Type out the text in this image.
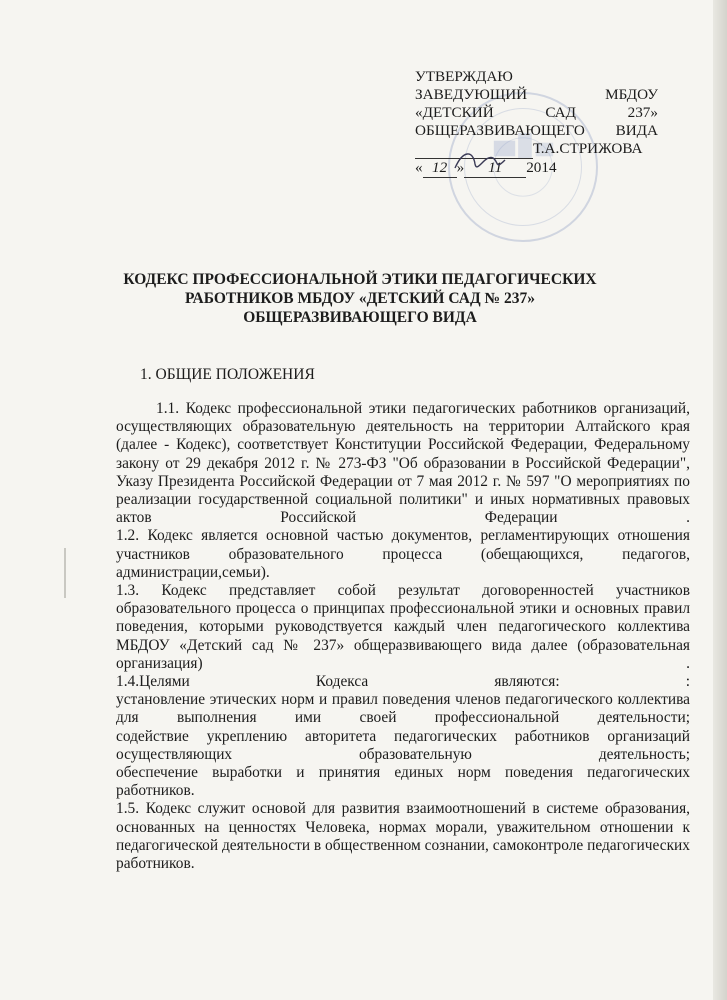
УТВЕРЖДАЮ
ЗАВЕДУЮЩИЙ	МБДОУ
«ДЕТСКИЙ	САД	237»
ОБЩЕРАЗВИВАЮЩЕГО ВИДА

Т.А.СТРИЖОВА
« 12 »	11	2014
КОДЕКС ПРОФЕССИОНАЛЬНОЙ ЭТИКИ ПЕДАГОГИЧЕСКИХ
РАБОТНИКОВ МБДОУ «ДЕТСКИЙ САД № 237»
ОБЩЕРАЗВИВАЮЩЕГО ВИДА
1. ОБЩИЕ ПОЛОЖЕНИЯ

1.1. Кодекс профессиональной этики педагогических работников организаций, осуществляющих образовательную деятельность на территории Алтайского края (далее - Кодекс), соответствует Конституции Российской Федерации, Федеральному закону от 29 декабря 2012 г. № 273-ФЗ "Об образовании в Российской Федерации", Указу Президента Российской Федерации от 7 мая 2012 г. № 597 "О мероприятиях по реализации государственной социальной политики" и иных нормативных правовых актов Российской Федерации .

1.2. Кодекс является основной частью документов, регламентирующих отношения участников образовательного процесса (обещающихся, педагогов, администрации,семьи).

1.3. Кодекс представляет собой результат договоренностей участников образовательного процесса о принципах профессиональной этики и основных правил поведения, которыми руководствуется каждый член педагогического коллектива МБДОУ «Детский сад № 237» общеразвивающего вида далее (образовательная организация) .

1.4.Целями Кодекса являются: :

установление этических норм и правил поведения членов педагогического коллектива для выполнения ими своей профессиональной деятельности;

содействие укреплению авторитета педагогических работников организаций осуществляющих образовательную деятельность;

обеспечение выработки и принятия единых норм поведения педагогических работников.

1.5. Кодекс служит основой для развития взаимоотношений в системе образования, основанных на ценностях Человека, нормах морали, уважительном отношении к педагогической деятельности в общественном сознании, самоконтроле педагогических работников.
